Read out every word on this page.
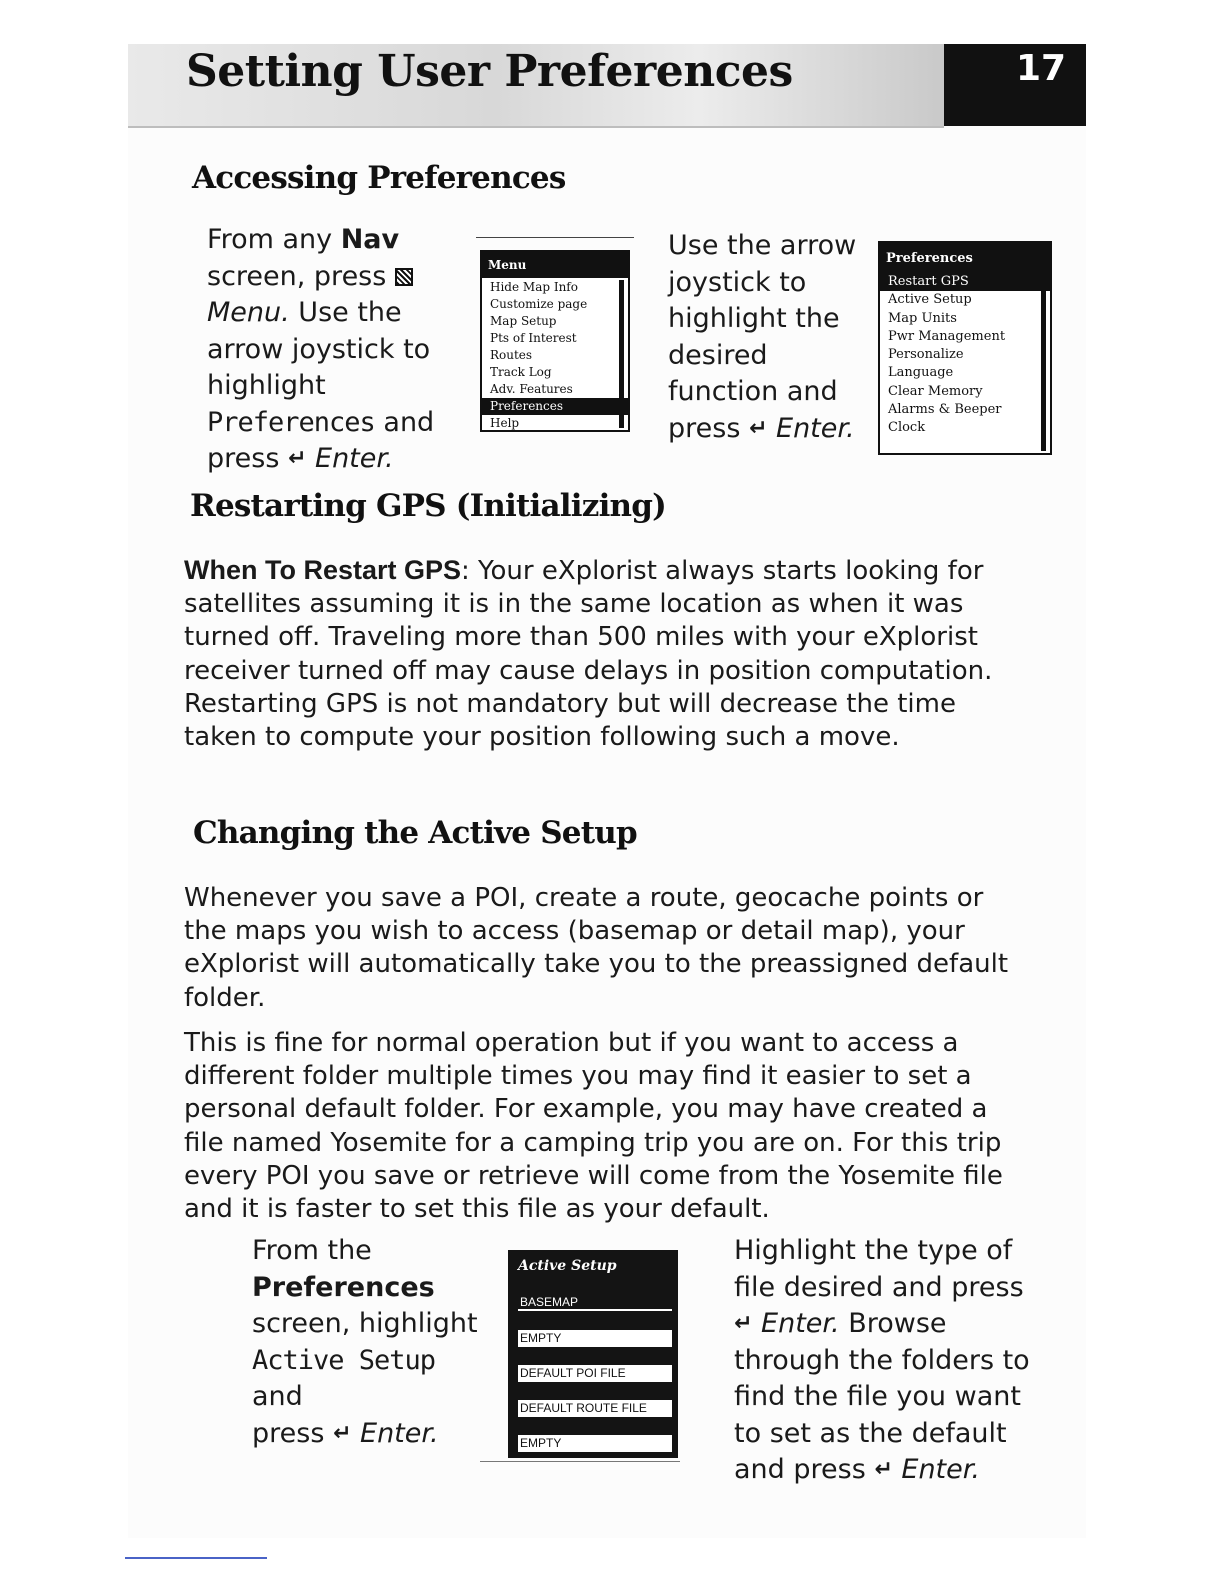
Setting User Preferences	17
Accessing Preferences
From any Nav
screen, press
Menu. Use the
arrow joystick to
highlight
Preferences and
press ↵ Enter.
Menu
Hide Map Info
Customize page
Map Setup
Pts of Interest
Routes
Track Log
Adv. Features
Preferences
Help
Use the arrow
joystick to
highlight the
desired
function and
press ↵ Enter.
Preferences
Restart GPS
Active Setup
Map Units
Pwr Management
Personalize
Language
Clear Memory
Alarms & Beeper
Clock
Restarting GPS (Initializing)

When To Restart GPS: Your eXplorist always starts looking for satellites assuming it is in the same location as when it was turned off. Traveling more than 500 miles with your eXplorist receiver turned off may cause delays in position computation. Restarting GPS is not mandatory but will decrease the time taken to compute your position following such a move.

Changing the Active Setup

Whenever you save a POI, create a route, geocache points or the maps you wish to access (basemap or detail map), your eXplorist will automatically take you to the preassigned default folder.

This is fine for normal operation but if you want to access a different folder multiple times you may find it easier to set a personal default folder. For example, you may have created a file named Yosemite for a camping trip you are on. For this trip every POI you save or retrieve will come from the Yosemite file and it is faster to set this file as your default.

From the
Preferences
screen, highlight
Active Setup and
press ↵ Enter.
Active Setup
BASEMAP
EMPTY
DEFAULT POI FILE
DEFAULT ROUTE FILE
EMPTY
Highlight the type of
file desired and press
↵ Enter. Browse
through the folders to
find the file you want
to set as the default
and press ↵ Enter.
